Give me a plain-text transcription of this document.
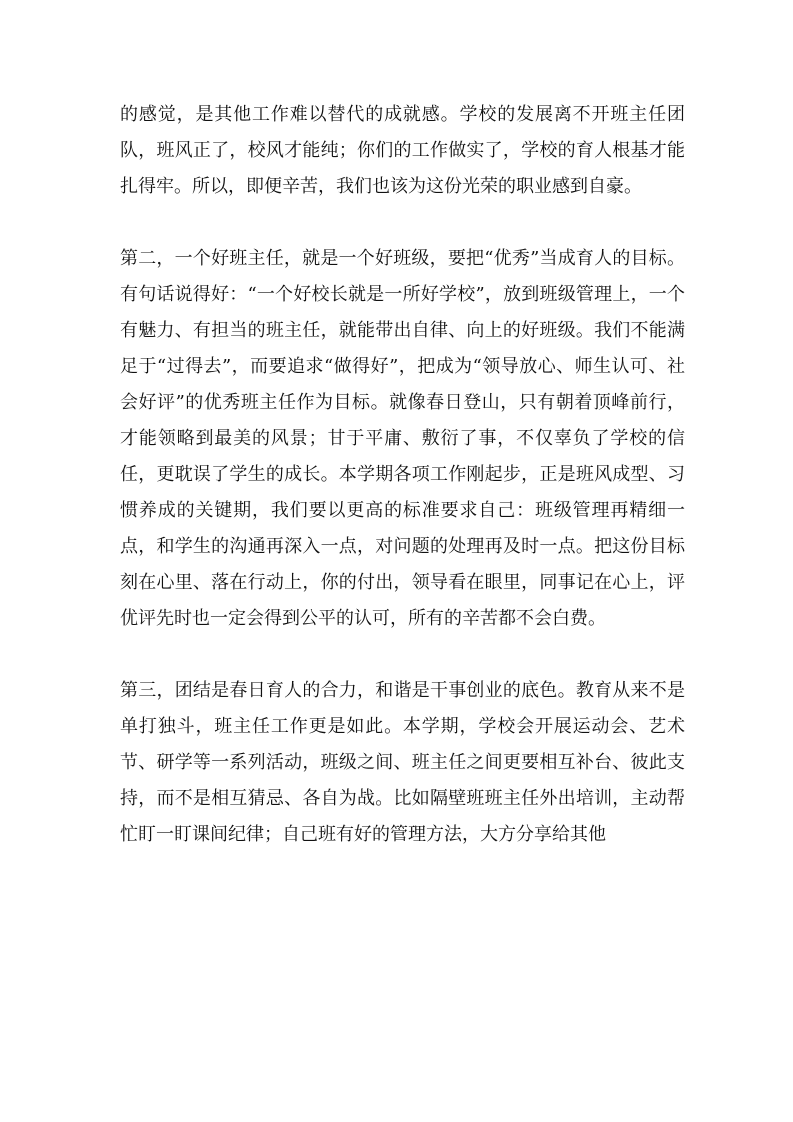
的感觉，是其他工作难以替代的成就感。学校的发展离不开班主任团队，班风正了，校风才能纯；你们的工作做实了，学校的育人根基才能扎得牢。所以，即便辛苦，我们也该为这份光荣的职业感到自豪。

第二，一个好班主任，就是一个好班级，要把“优秀”当成育人的目标。有句话说得好：“一个好校长就是一所好学校”，放到班级管理上，一个有魅力、有担当的班主任，就能带出自律、向上的好班级。我们不能满足于“过得去”，而要追求“做得好”，把成为“领导放心、师生认可、社会好评”的优秀班主任作为目标。就像春日登山，只有朝着顶峰前行，才能领略到最美的风景；甘于平庸、敷衍了事，不仅辜负了学校的信任，更耽误了学生的成长。本学期各项工作刚起步，正是班风成型、习惯养成的关键期，我们要以更高的标准要求自己：班级管理再精细一点，和学生的沟通再深入一点，对问题的处理再及时一点。把这份目标刻在心里、落在行动上，你的付出，领导看在眼里，同事记在心上，评优评先时也一定会得到公平的认可，所有的辛苦都不会白费。

第三，团结是春日育人的合力，和谐是干事创业的底色。教育从来不是单打独斗，班主任工作更是如此。本学期，学校会开展运动会、艺术节、研学等一系列活动，班级之间、班主任之间更要相互补台、彼此支持，而不是相互猜忌、各自为战。比如隔壁班班主任外出培训，主动帮忙盯一盯课间纪律；自己班有好的管理方法，大方分享给其他
